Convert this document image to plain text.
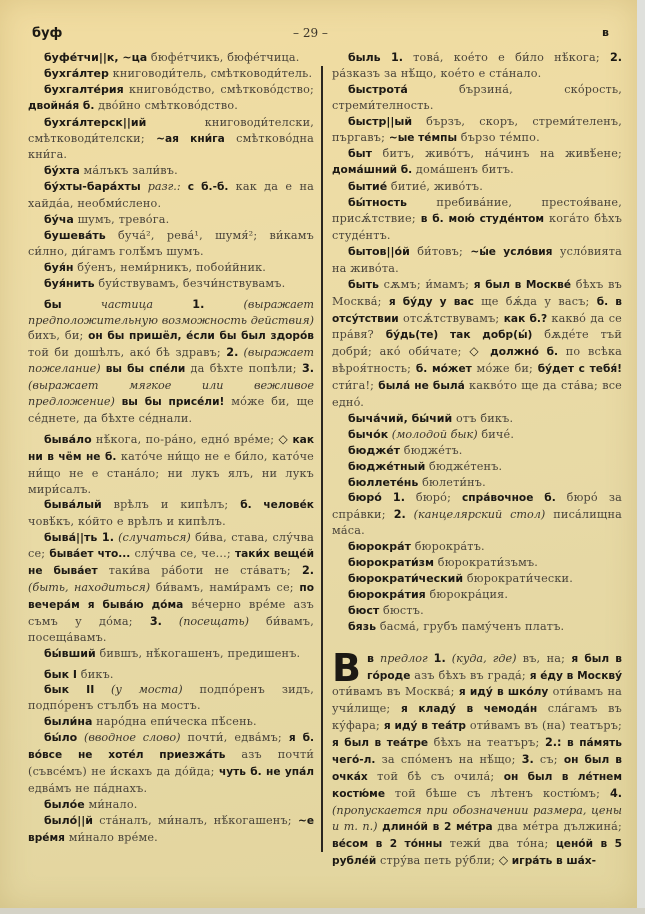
буф	– 29 –	в

буфе́тчи||к, ~ца бюфе́тчикъ, бюфе́тчица.

бухга́лтер книговоди́тель, смѣтководи́тель.

бухгалте́рия книговóдство, смѣтковóдство; двойна́я б. двóйно смѣтковóдство.

бухга́лтерск||ий книговоди́телски, смѣтководи́телски; ~ая кни́га смѣтковóдна кни́га.

бу́хта ма́лъкъ зали́въ.

бу́хты-бара́хты разг.: с б.-б. как да е на хайда́а, необми́слено.

бу́ча шумъ, тревóга.

бушева́ть буча́², рева́¹, шумя́²; ви́камъ си́лно, ди́гамъ голѣ́мъ шумъ.

буя́н бу́енъ, неми́рникъ, побои́йник.

буя́нить буи́ствувамъ, безчи́нствувамъ.

бы частица 1. (выражает предположительную возможность действия) бихъ, би; он бы пришёл, е́сли бы был здоро́в той би дошѣлъ, акó бѣ здравъ; 2. (выражает пожелание) вы бы спе́ли да бѣхте попѣли; 3. (выражает мягкое или вежливое предложение) вы бы присе́ли! мóже би, ще сéднете, да бѣхте сéднали.

быва́ло нѣ́кога, по-ра́но, еднó врéме; ◇ как ни в чём не б. катóче ни́що не е би́ло, катóче ни́що не е стана́ло; ни лукъ ялъ, ни лукъ мири́салъ.

быва́лый врѣлъ и кипѣлъ; б. челове́к човѣ́къ, кóйто е врѣлъ и кипѣлъ.

быва́||ть 1. (случаться) би́ва, става, слу́чва се; быва́ет что... слу́чва се, че...; таки́х веще́й не быва́ет таки́ва ра́боти не ста́ватъ; 2. (быть, находиться) би́вамъ, нами́рамъ се; по вечера́м я быва́ю до́ма вéчерно врéме азъ съмъ у дóма; 3. (посещать) би́вамъ, посеща́вамъ.

бы́вший бившъ, нѣ́когашенъ, предишенъ.

бык I бикъ.

бык II (у моста) подпóренъ зидъ, подпóренъ стълбъ на мостъ.

были́на нарóдна епи́ческа пѣ́сень.

бы́ло (вводное слово) почти́, едва́мъ; я б. во́все не хоте́л приезжа́ть азъ почти́ (съвсéмъ) не и́скахъ да дóйда; чуть б. не упа́л едва́мъ не па́днахъ.

было́е ми́нало.

было́||й ста́налъ, ми́налъ, нѣ́когашенъ; ~е вре́мя ми́нало врéме.

быль 1. това́, коéто е би́ло нѣ́кога; 2. ра́зказъ за нѣ́що, коéто е ста́нало.

быстрота́ бързина́, скóрость, стреми́телность.

быстр||ый бързъ, скоръ, стреми́теленъ, пъргавъ; ~ые те́мпы бързо тéмпо.

быт битъ, живóтъ, на́чинъ на живѣ́ене; дома́шний б. дома́шенъ битъ.

бытие́ битие́, живóтъ.

бы́тность пребива́ние, престоя́ване, присѫ́тствие; в б. мою́ студе́нтом когáто бѣхъ студéнтъ.

бытов||о́й би́товъ; ~ы́е усло́вия услóвията на живóта.

быть сѫмъ; и́мамъ; я был в Москве́ бѣхъ въ Москва́; я бу́ду у вас ще бѫ́да у васъ; б. в отсу́тствии отсѫ́тствувамъ; как б.? каквó да се пра́вя? бу́дь(те) так добр(ы́) бѫдéте тъй добри́; акó оби́чате; ◇ должно́ б. по вcѣка вѣроя́тность; б. мо́жет мóже би; бу́дет с тебя́! сти́га!; была́ не была́ каквóто ще да ста́ва; все еднó.

быча́чий, бы́чий отъ бикъ.

бычо́к (молодой бык) бичé.

бюдже́т бюджéтъ.

бюдже́тный бюджéтенъ.

бюллете́нь бюлети́нъ.

бюро́ 1. бюрó; спра́вочное б. бюрó за спра́вки; 2. (канцелярский стол) писа́лищна ма́са.

бюрокра́т бюрокра́тъ.

бюрократи́зм бюрократи́зъмъ.

бюрократи́ческий бюрократи́чески.

бюрокра́тия бюрокра́ция.

бюст бюстъ.

бязь басма́, грубъ паму́ченъ платъ.

В в предлог 1. (куда, где) въ, на; я был в го́роде азъ бѣхъ въ града́; я е́ду в Москву́ oти́вамъ въ Москва́; я иду́ в шко́лу oти́вамъ на учи́лище; я кладу́ в чемода́н сла́гамъ въ ку́фара; я иду́ в теа́тр oти́вамъ въ (на) театъръ; я был в теа́тре бѣхъ на театъръ; 2.: в па́мять чего́-л. за спóменъ на нѣ́що; 3. съ; он был в очка́х той бѣ съ очила́; он был в ле́тнем костю́ме той бѣше съ лѣтенъ костю́мъ; 4. (пропускается при обозначении размера, цены и т. п.) длино́й в 2 ме́тра два мéтра дължина́; ве́сом в 2 то́нны тежи́ два тóна; цено́й в 5 рубле́й стру́ва петь ру́бли; ◇ игра́ть в ша́х-
